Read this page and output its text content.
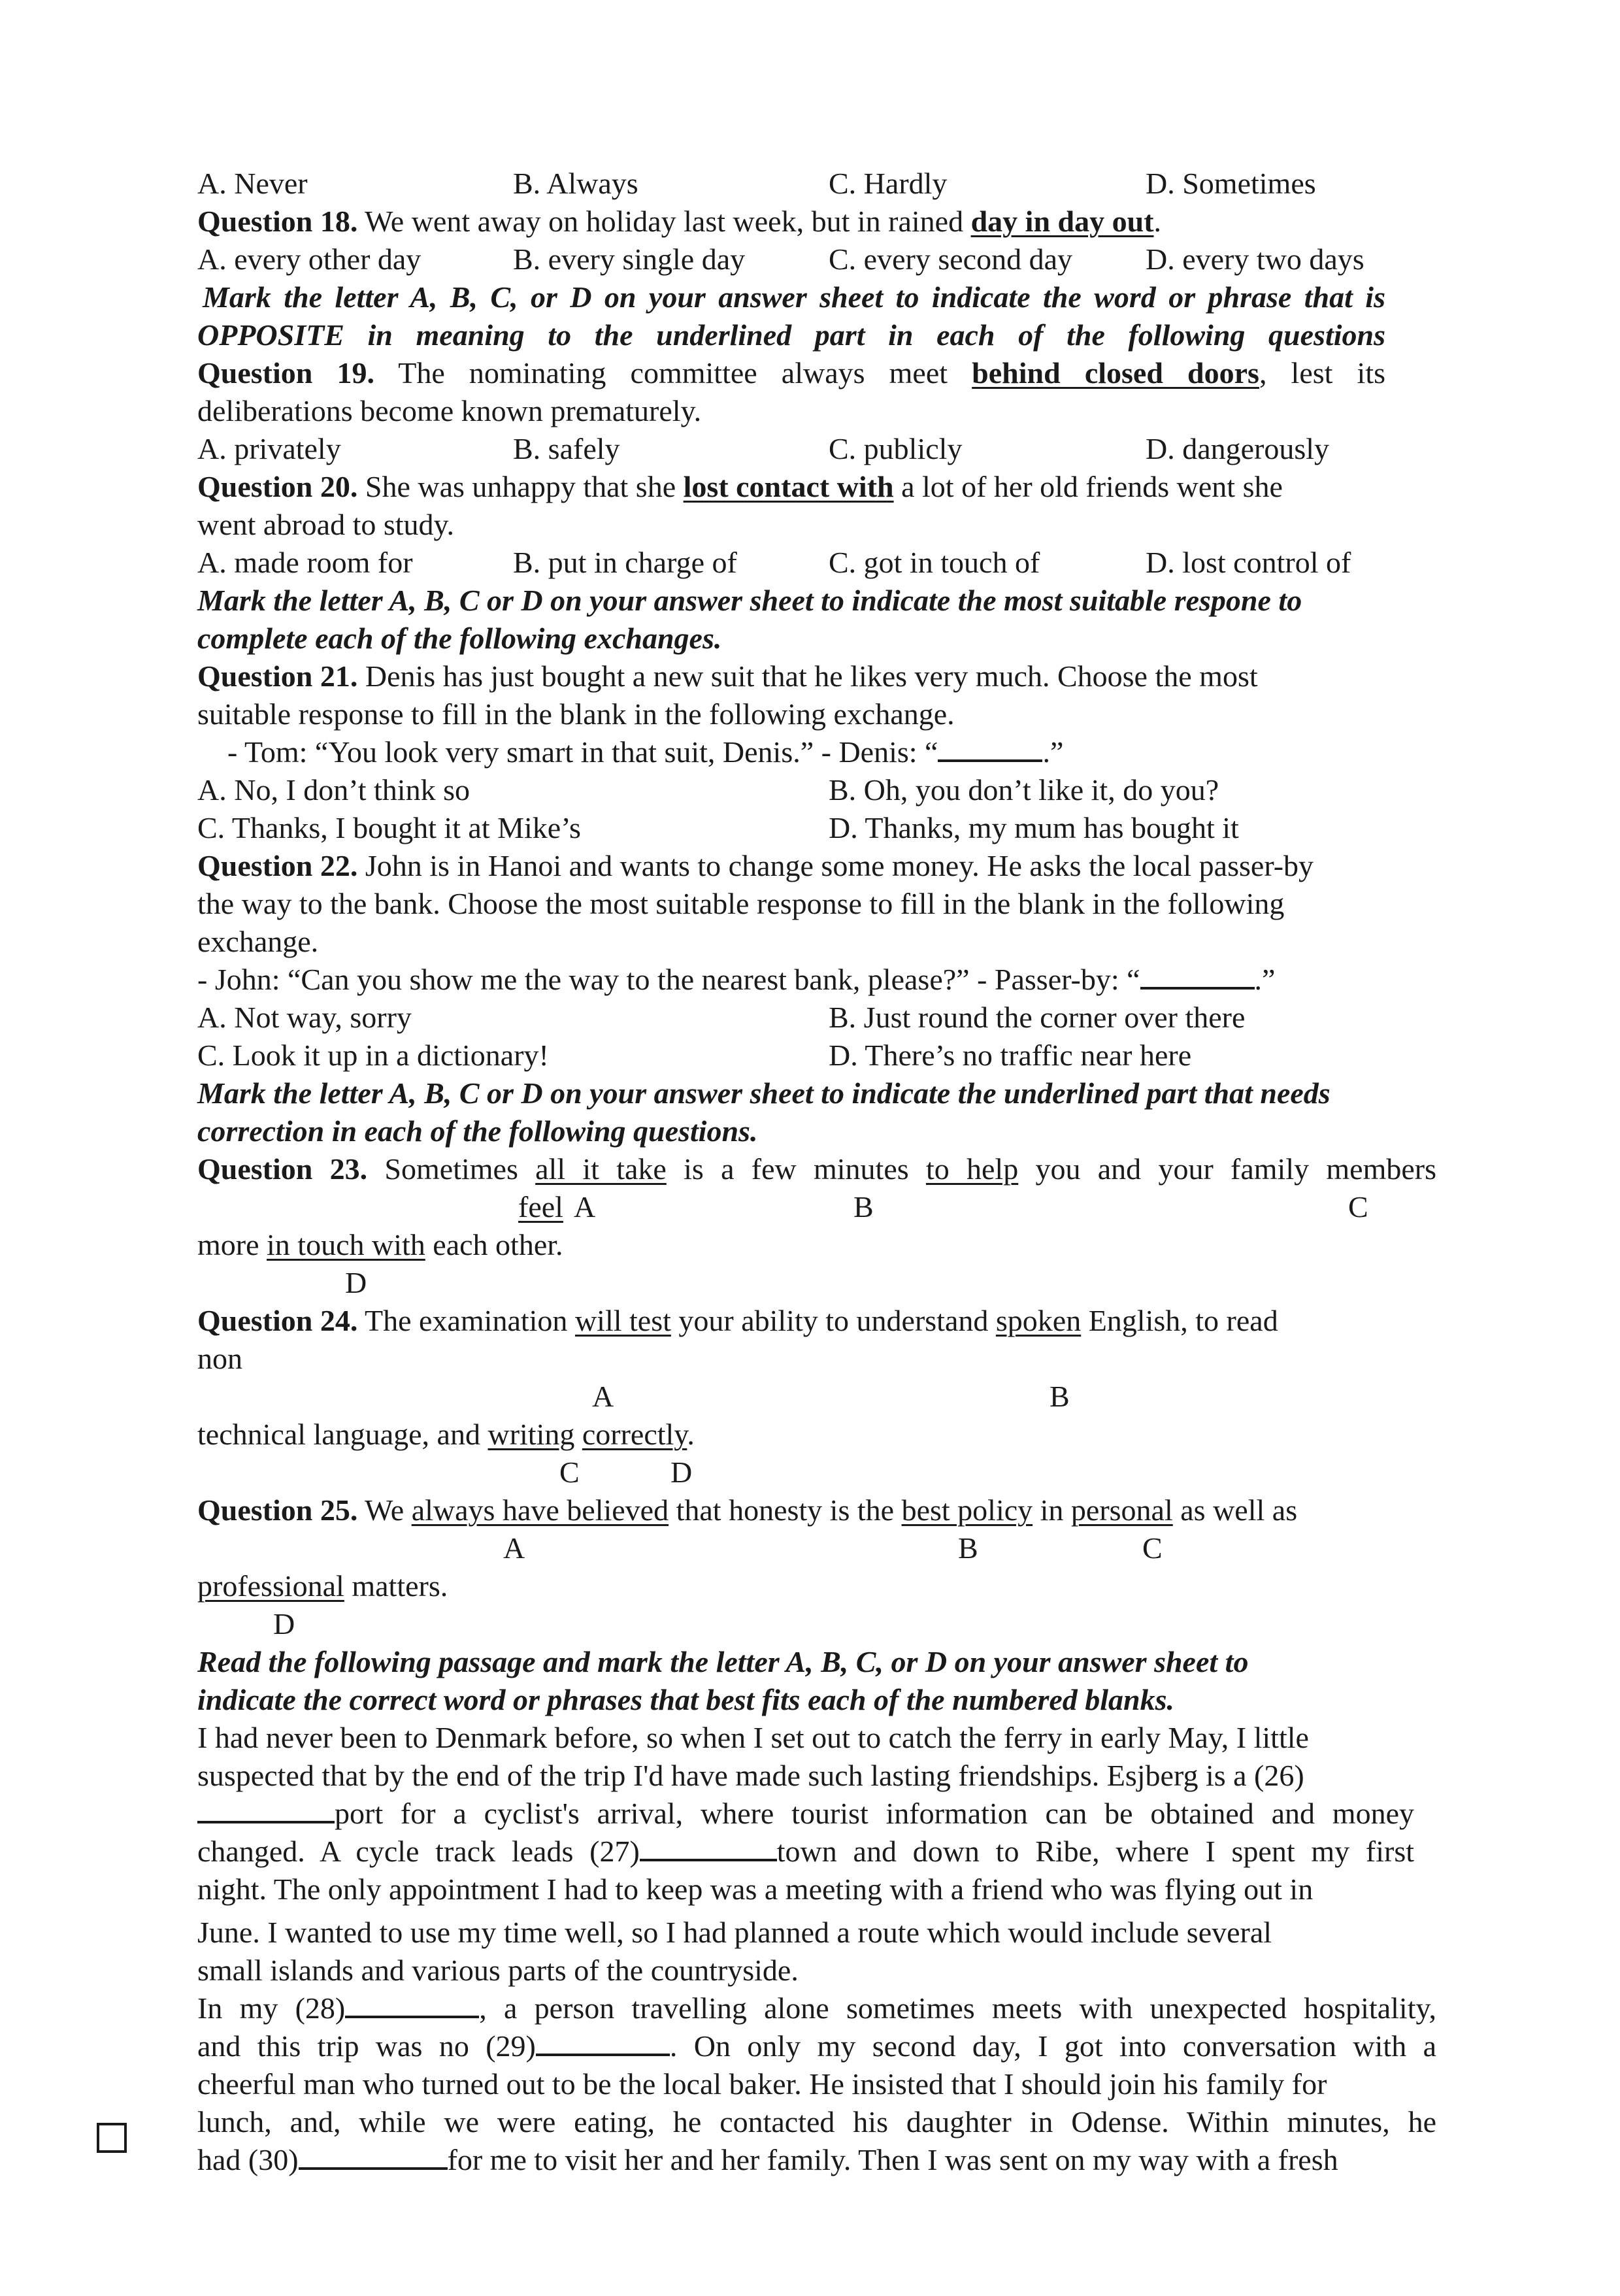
A. Never	B. Always	C. Hardly	D. Sometimes
Question 18. We went away on holiday last week, but in rained day in day out.
A. every other day	B. every single day	C. every second day D. every two days
Mark the letter A, B, C, or D on your answer sheet to indicate the word or phrase that is
OPPOSITE in meaning to the underlined part in each of the following questions
Question 19. The nominating committee always meet behind closed doors, lest its
deliberations become known prematurely.
A. privately	B. safely	C. publicly	D. dangerously
Question 20. She was unhappy that she lost contact with a lot of her old friends went she
went abroad to study.
A. made room for	B. put in charge of	C. got in touch of	D. lost control of
Mark the letter A, B, C or D on your answer sheet to indicate the most suitable respone to
complete each of the following exchanges.
Question 21. Denis has just bought a new suit that he likes very much. Choose the most
suitable response to fill in the blank in the following exchange.
- Tom: “You look very smart in that suit, Denis.” - Denis: “	.”
A. No, I don’t think so	B. Oh, you don’t like it, do you?
C. Thanks, I bought it at Mike’s	D. Thanks, my mum has bought it
Question 22. John is in Hanoi and wants to change some money. He asks the local passer-by
the way to the bank. Choose the most suitable response to fill in the blank in the following
exchange.
- John: “Can you show me the way to the nearest bank, please?” - Passer-by: “	.”
A. Not way, sorry	B. Just round the corner over there
C. Look it up in a dictionary!	D. There’s no traffic near here
Mark the letter A, B, C or D on your answer sheet to indicate the underlined part that needs
correction in each of the following questions.
Question 23. Sometimes all it take is a few minutes to help you and your family members
feel A	B	C
more in touch with each other.
D
Question 24. The examination will test your ability to understand spoken English, to read
non
A	B
technical language, and writing correctly.
C	D
Question 25. We always have believed that honesty is the best policy in personal as well as
A	B	C
professional matters.
D
Read the following passage and mark the letter A, B, C, or D on your answer sheet to
indicate the correct word or phrases that best fits each of the numbered blanks.
I had never been to Denmark before, so when I set out to catch the ferry in early May, I little
suspected that by the end of the trip I'd have made such lasting friendships. Esjberg is a (26)
port for a cyclist's arrival, where tourist information can be obtained and money
changed. A cycle track leads (27)	town and down to Ribe, where I spent my first
night. The only appointment I had to keep was a meeting with a friend who was flying out in
June. I wanted to use my time well, so I had planned a route which would include several
small islands and various parts of the countryside.
In my (28)	, a person travelling alone sometimes meets with unexpected hospitality,
and this trip was no (29)	. On only my second day, I got into conversation with a
cheerful man who turned out to be the local baker. He insisted that I should join his family for
lunch, and, while we were eating, he contacted his daughter in Odense. Within minutes, he
had (30)	for me to visit her and her family. Then I was sent on my way with a fresh
